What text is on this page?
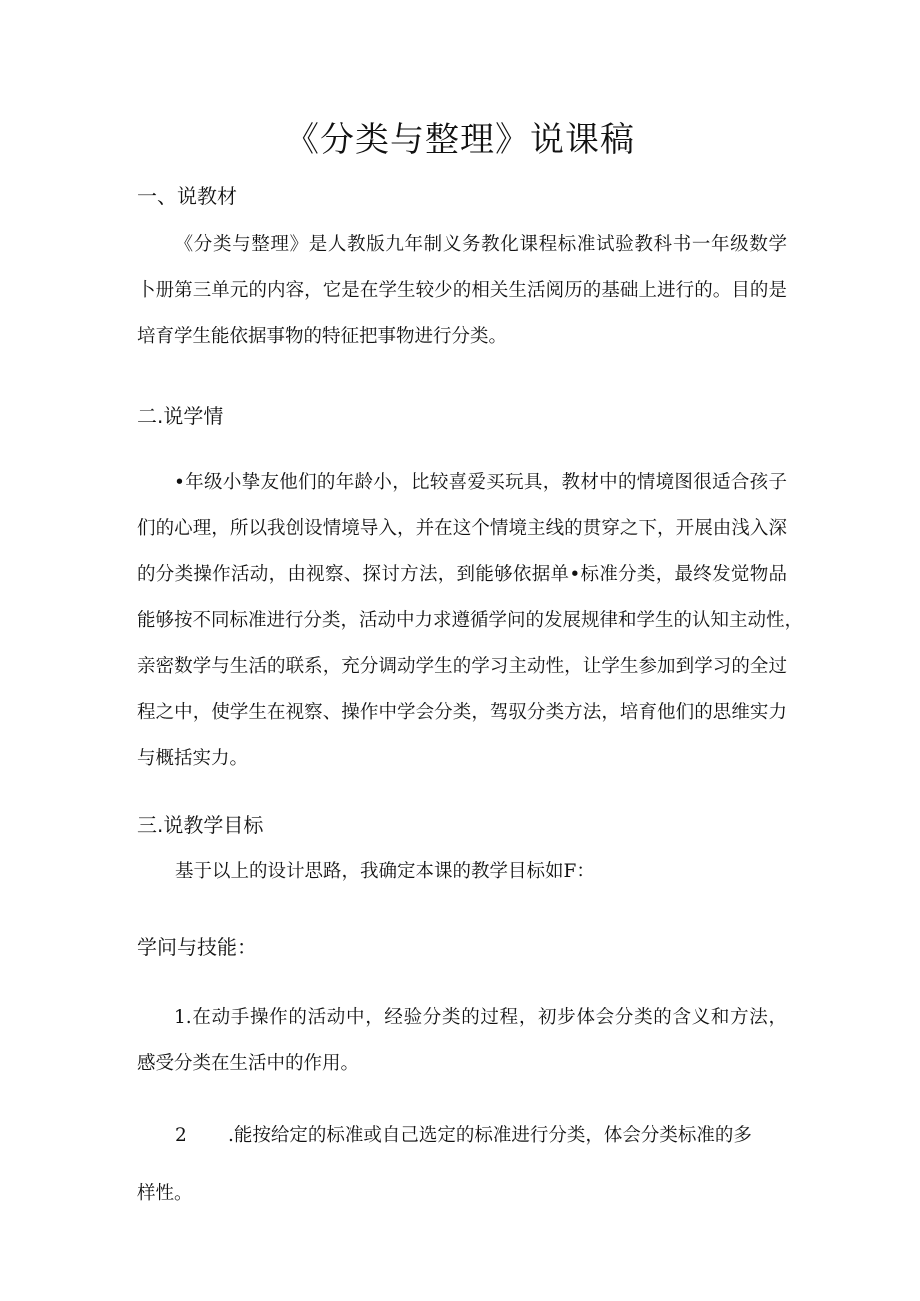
《分类与整理》说课稿
一、说教材
《分类与整理》是人教版九年制义务教化课程标准试验教科书一年级数学
卜册第三单元的内容，它是在学生较少的相关生活阅历的基础上进行的。目的是
培育学生能依据事物的特征把事物进行分类。
二.说学情
•年级小挚友他们的年龄小，比较喜爱买玩具，教材中的情境图很适合孩子
们的心理，所以我创设情境导入，并在这个情境主线的贯穿之下，开展由浅入深
的分类操作活动，由视察、探讨方法，到能够依据单•标准分类，最终发觉物品
能够按不同标准进行分类，活动中力求遵循学问的发展规律和学生的认知主动性，
亲密数学与生活的联系，充分调动学生的学习主动性，让学生参加到学习的全过
程之中，使学生在视察、操作中学会分类，驾驭分类方法，培育他们的思维实力
与概括实力。
三.说教学目标
基于以上的设计思路，我确定本课的教学目标如F：
学问与技能：
1.在动手操作的活动中，经验分类的过程，初步体会分类的含义和方法，
感受分类在生活中的作用。
2 .能按给定的标准或自己选定的标准进行分类，体会分类标准的多
样性。
